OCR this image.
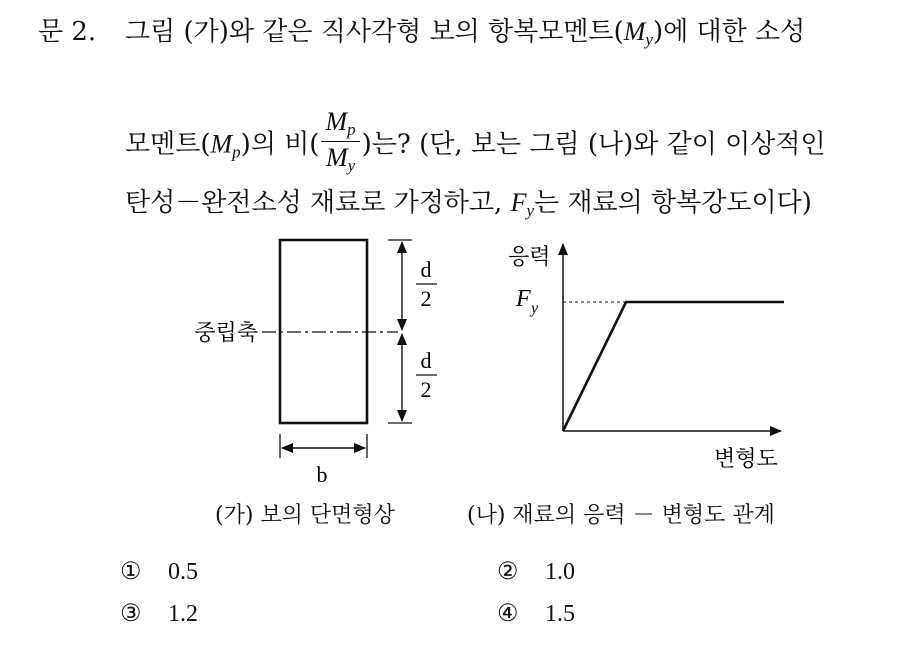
문 2. 그림 (가)와 같은 직사각형 보의 항복모멘트$(M_y)$에 대한 소성
모멘트$(M_p)$의 비( $\frac{M_p}{M_y}$ )는? (단, 보는 그림 (나)와 같이 이상적인
탄성－완전소성 재료로 가정하고, $F_y$는 재료의 항복강도이다)
d
2
d
2
b
중립축
응력
변형도
F y
(가) 보의 단면형상	(나) 재료의 응력 － 변형도 관계
① 0.5	② 1.0
③ 1.2	④ 1.5
